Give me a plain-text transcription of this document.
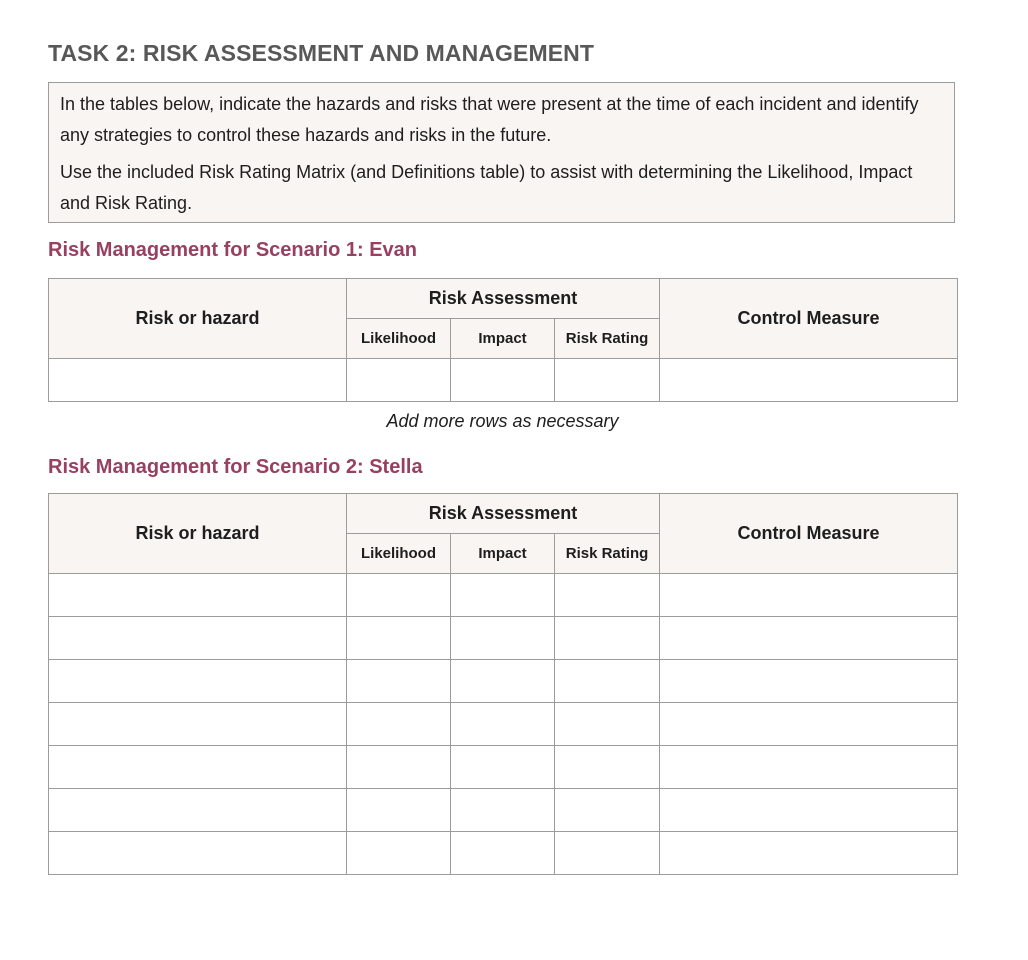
TASK 2: RISK ASSESSMENT AND MANAGEMENT

In the tables below, indicate the hazards and risks that were present at the time of each incident and identify any strategies to control these hazards and risks in the future.

Use the included Risk Rating Matrix (and Definitions table) to assist with determining the Likelihood, Impact and Risk Rating.

Risk Management for Scenario 1: Evan
Risk or hazard	Risk Assessment			Control Measure
	Likelihood	Impact	Risk Rating	

Add more rows as necessary
Risk Management for Scenario 2: Stella
Risk or hazard	Risk Assessment			Control Measure
	Likelihood	Impact	Risk Rating	
